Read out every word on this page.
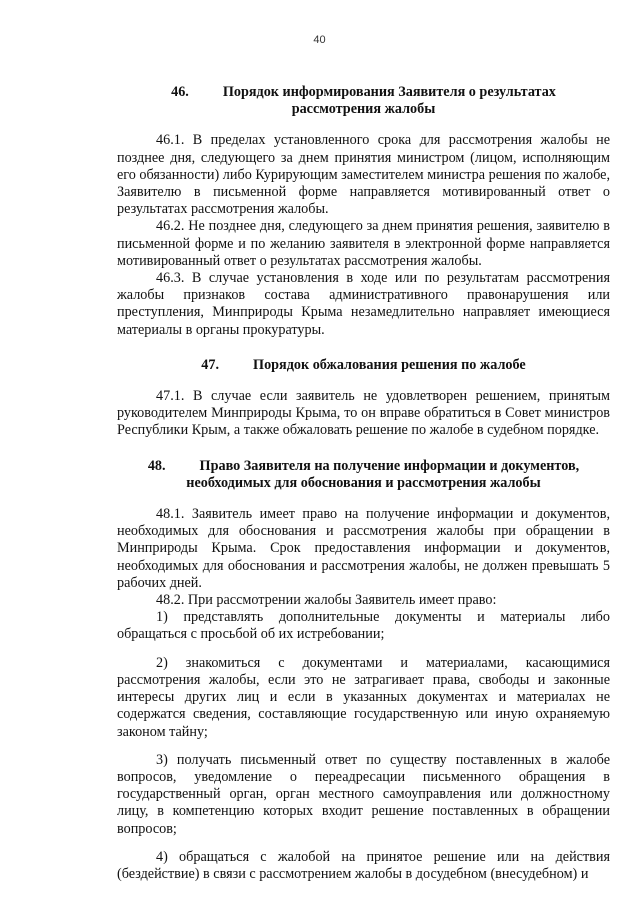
40
46. Порядок информирования Заявителя о результатах
рассмотрения жалобы

46.1. В пределах установленного срока для рассмотрения жалобы не позднее дня, следующего за днем принятия министром (лицом, исполняющим его обязанности) либо Курирующим заместителем министра решения по жалобе, Заявителю в письменной форме направляется мотивированный ответ о результатах рассмотрения жалобы.

46.2. Не позднее дня, следующего за днем принятия решения, заявителю в письменной форме и по желанию заявителя в электронной форме направляется мотивированный ответ о результатах рассмотрения жалобы.

46.3. В случае установления в ходе или по результатам рассмотрения жалобы признаков состава административного правонарушения или преступления, Минприроды Крыма незамедлительно направляет имеющиеся материалы в органы прокуратуры.

47. Порядок обжалования решения по жалобе

47.1. В случае если заявитель не удовлетворен решением, принятым руководителем Минприроды Крыма, то он вправе обратиться в Совет министров Республики Крым, а также обжаловать решение по жалобе в судебном порядке.

48. Право Заявителя на получение информации и документов,
необходимых для обоснования и рассмотрения жалобы

48.1. Заявитель имеет право на получение информации и документов, необходимых для обоснования и рассмотрения жалобы при обращении в Минприроды Крыма. Срок предоставления информации и документов, необходимых для обоснования и рассмотрения жалобы, не должен превышать 5 рабочих дней.

48.2. При рассмотрении жалобы Заявитель имеет право:

1) представлять дополнительные документы и материалы либо обращаться с просьбой об их истребовании;

2) знакомиться с документами и материалами, касающимися рассмотрения жалобы, если это не затрагивает права, свободы и законные интересы других лиц и если в указанных документах и материалах не содержатся сведения, составляющие государственную или иную охраняемую законом тайну;

3) получать письменный ответ по существу поставленных в жалобе вопросов, уведомление о переадресации письменного обращения в государственный орган, орган местного самоуправления или должностному лицу, в компетенцию которых входит решение поставленных в обращении вопросов;

4) обращаться с жалобой на принятое решение или на действия (бездействие) в связи с рассмотрением жалобы в досудебном (внесудебном) и
